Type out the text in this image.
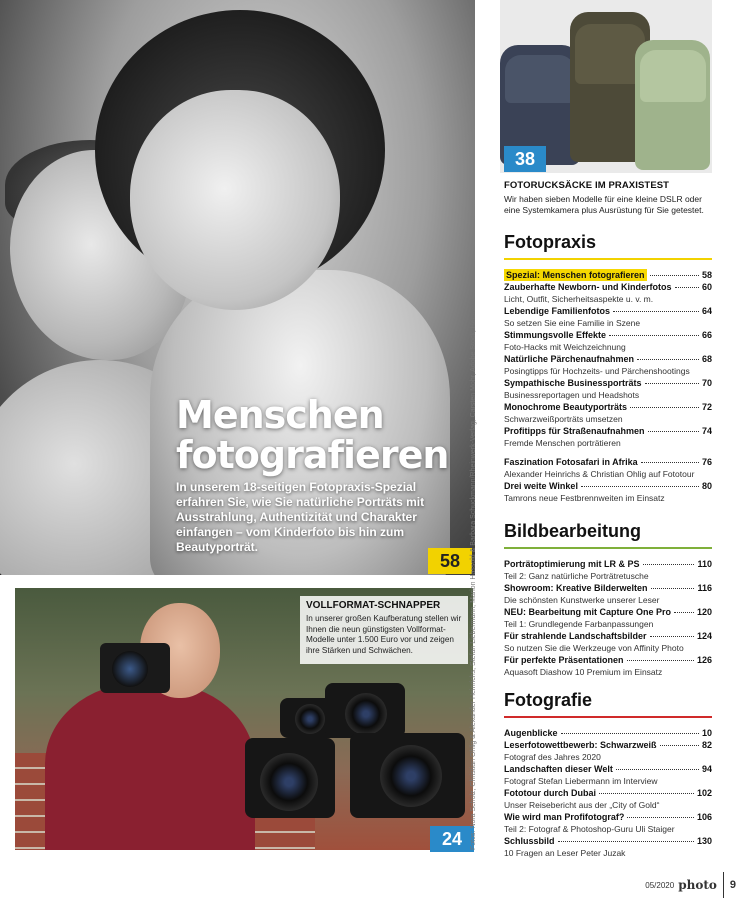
Menschen
fotografieren

In unserem 18-seitigen Fotopraxis-Spezial erfahren Sie, wie Sie natürliche Porträts mit Ausstrahlung, Authentizität und Charakter einfangen – vom Kinderfoto bis hin zum Beautyporträt.

58
VOLLFORMAT-SCHNAPPER
In unserer großen Kaufberatung stellen wir Ihnen die neun günstigsten Vollformat-Modelle unter 1.500 Euro vor und zeigen ihre Stärken und Schwächen.
24	Fotos: Nora Scholz, Christian Ohlig & Alexander Heinrichs, Stefan Liebermann, Marion Hassold & Barbara Schuckmann/Rheinwerk-Verlag, Carsten Mohr, Adobe Stock, Hersteller
38
FOTORUCKSÄCKE IM PRAXISTEST
Wir haben sieben Modelle für eine kleine DSLR oder eine Systemkamera plus Ausrüstung für Sie getestet.
Fotopraxis
Spezial: Menschen fotografieren	58
Zauberhafte Newborn- und Kinderfotos	60
Licht, Outfit, Sicherheitsaspekte u. v. m.
Lebendige Familienfotos	64
So setzen Sie eine Familie in Szene
Stimmungsvolle Effekte	66
Foto-Hacks mit Weichzeichnung
Natürliche Pärchenaufnahmen	68
Posingtipps für Hochzeits- und Pärchenshootings
Sympathische Businessporträts	70
Businessreportagen und Headshots
Monochrome Beautyporträts	72
Schwarzweißporträts umsetzen
Profitipps für Straßenaufnahmen	74
Fremde Menschen porträtieren
Faszination Fotosafari in Afrika	76
Alexander Heinrichs & Christian Ohlig auf Fototour
Drei weite Winkel	80
Tamrons neue Festbrennweiten im Einsatz
Bildbearbeitung
Porträtoptimierung mit LR & PS	110
Teil 2: Ganz natürliche Porträtretusche
Showroom: Kreative Bilderwelten	116
Die schönsten Kunstwerke unserer Leser
NEU: Bearbeitung mit Capture One Pro	120
Teil 1: Grundlegende Farbanpassungen
Für strahlende Landschaftsbilder	124
So nutzen Sie die Werkzeuge von Affinity Photo
Für perfekte Präsentationen	126
Aquasoft Diashow 10 Premium im Einsatz
Fotografie
Augenblicke	10
Leserfotowettbewerb: Schwarzweiß	82
Fotograf des Jahres 2020
Landschaften dieser Welt	94
Fotograf Stefan Liebermann im Interview
Fototour durch Dubai	102
Unser Reisebericht aus der „City of Gold“
Wie wird man Profifotograf?	106
Teil 2: Fotograf & Photoshop-Guru Uli Staiger
Schlussbild	130
10 Fragen an Leser Peter Juzak
05/2020 photo 9
